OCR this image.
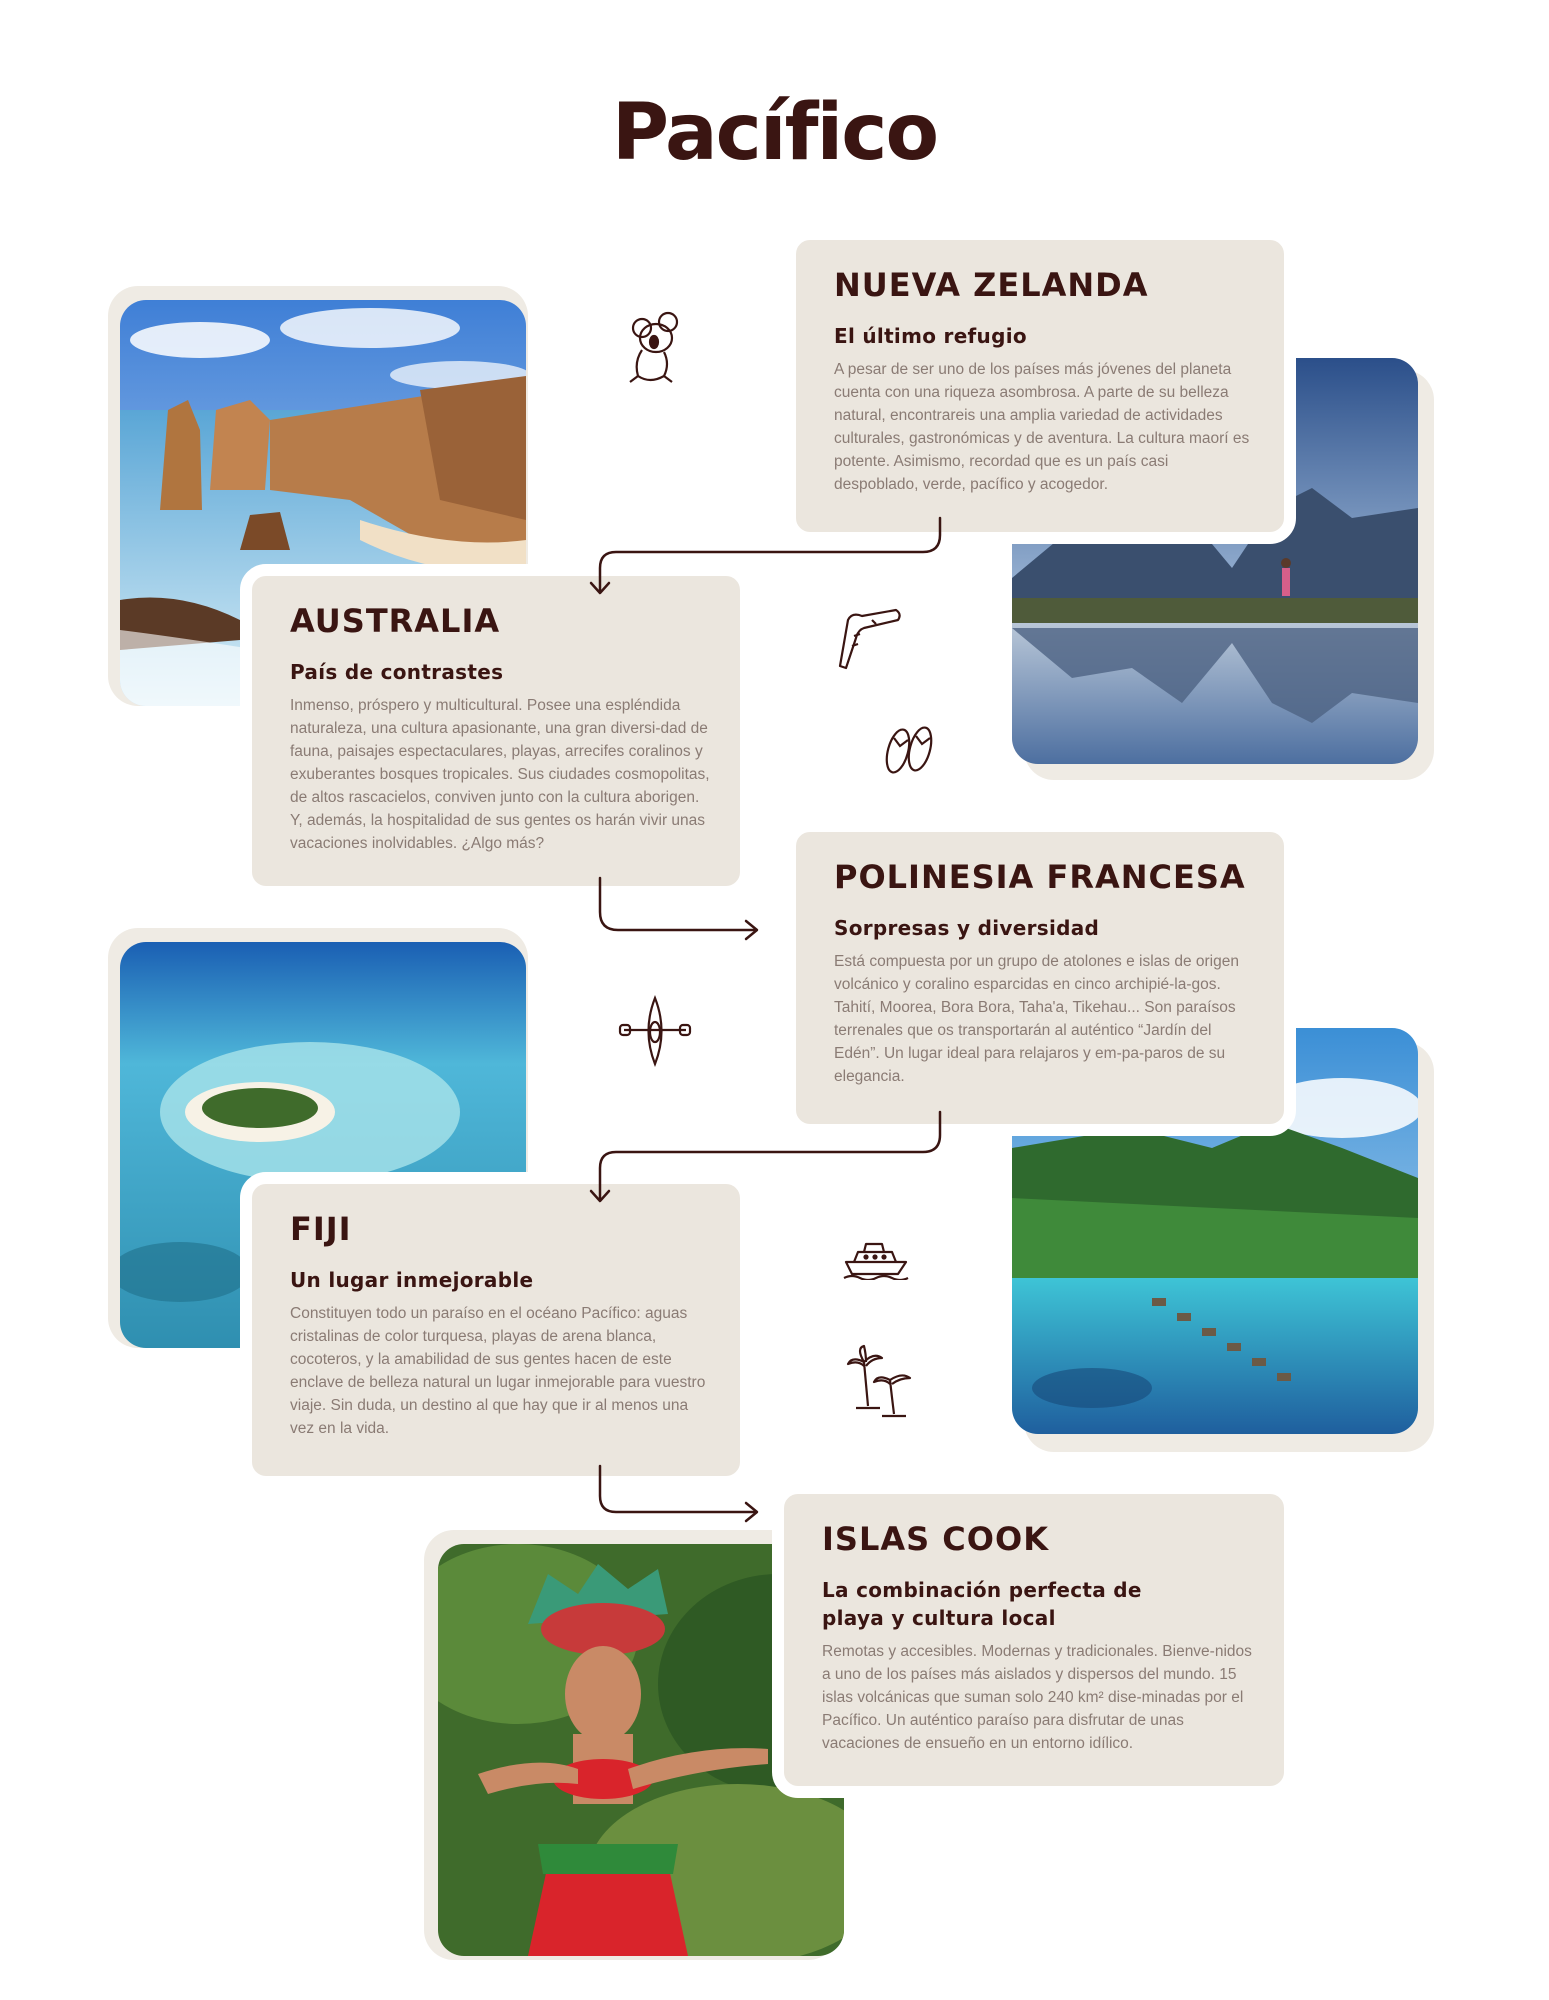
Pacífico
NUEVA ZELANDA
El último refugio

A pesar de ser uno de los países más jóvenes del planeta cuenta con una riqueza asombrosa. A parte de su belleza natural, encontrareis una amplia variedad de actividades culturales, gastronómicas y de aventura. La cultura maorí es potente. Asimismo, recordad que es un país casi despoblado, verde, pacífico y acogedor.

AUSTRALIA
País de contrastes

Inmenso, próspero y multicultural. Posee una espléndida naturaleza, una cultura apasionante, una gran diversi-dad de fauna, paisajes espectaculares, playas, arrecifes coralinos y exuberantes bosques tropicales. Sus ciudades cosmopolitas, de altos rascacielos, conviven junto con la cultura aborigen. Y, además, la hospitalidad de sus gentes os harán vivir unas vacaciones inolvidables. ¿Algo más?

POLINESIA FRANCESA
Sorpresas y diversidad

Está compuesta por un grupo de atolones e islas de origen volcánico y coralino esparcidas en cinco archipié-la-gos. Tahití, Moorea, Bora Bora, Taha'a, Tikehau... Son paraísos terrenales que os transportarán al auténtico “Jardín del Edén”. Un lugar ideal para relajaros y em-pa-paros de su elegancia.

FIJI
Un lugar inmejorable

Constituyen todo un paraíso en el océano Pacífico: aguas cristalinas de color turquesa, playas de arena blanca, cocoteros, y la amabilidad de sus gentes hacen de este enclave de belleza natural un lugar inmejorable para vuestro viaje. Sin duda, un destino al que hay que ir al menos una vez en la vida.

ISLAS COOK
La combinación perfecta de playa y cultura local

Remotas y accesibles. Modernas y tradicionales. Bienve-nidos a uno de los países más aislados y dispersos del mundo. 15 islas volcánicas que suman solo 240 km² dise-minadas por el Pacífico. Un auténtico paraíso para disfrutar de unas vacaciones de ensueño en un entorno idílico.
